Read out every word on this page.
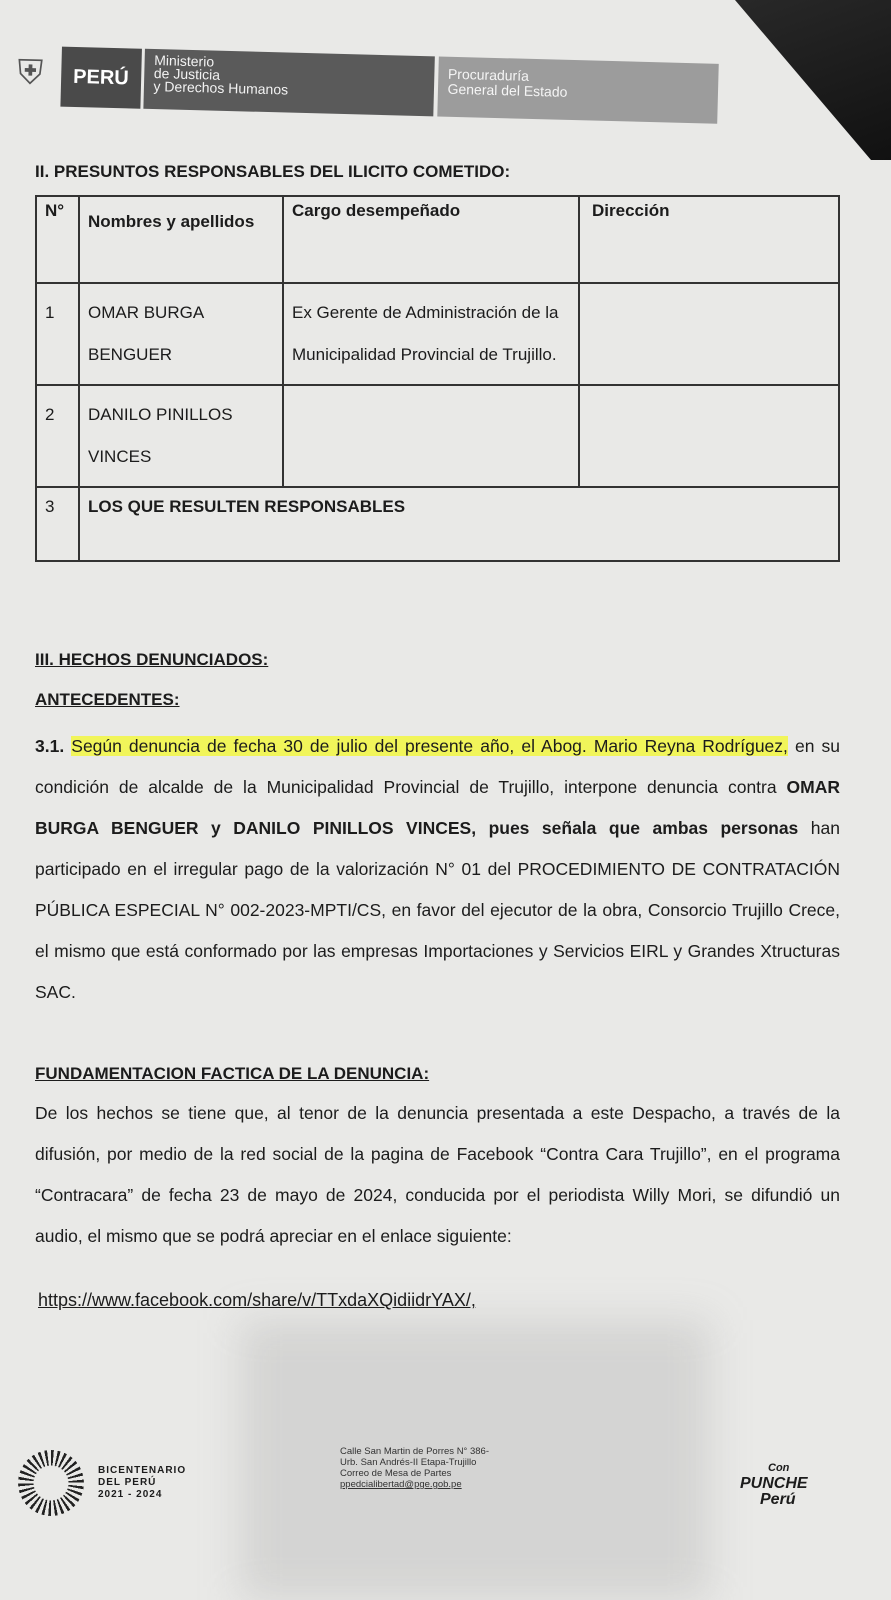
⛨	PERÚ
Ministerio
de Justicia
y Derechos Humanos
Procuraduría
General del Estado
II. PRESUNTOS RESPONSABLES DEL ILICITO COMETIDO:
N°	Nombres y apellidos	Cargo desempeñado	Dirección
1	OMAR BURGA BENGUER	Ex Gerente de Administración de la Municipalidad Provincial de Trujillo.	
2	DANILO PINILLOS VINCES		
3	LOS QUE RESULTEN RESPONSABLES		
III. HECHOS DENUNCIADOS:
ANTECEDENTES:
3.1. Según denuncia de fecha 30 de julio del presente año, el Abog. Mario Reyna Rodríguez, en su condición de alcalde de la Municipalidad Provincial de Trujillo, interpone denuncia contra OMAR BURGA BENGUER y DANILO PINILLOS VINCES, pues señala que ambas personas han participado en el irregular pago de la valorización N° 01 del PROCEDIMIENTO DE CONTRATACIÓN PÚBLICA ESPECIAL N° 002-2023-MPTI/CS, en favor del ejecutor de la obra, Consorcio Trujillo Crece, el mismo que está conformado por las empresas Importaciones y Servicios EIRL y Grandes Xtructuras SAC.
FUNDAMENTACION FACTICA DE LA DENUNCIA:
De los hechos se tiene que, al tenor de la denuncia presentada a este Despacho, a través de la difusión, por medio de la red social de la pagina de Facebook “Contra Cara Trujillo”, en el programa “Contracara” de fecha 23 de mayo de 2024, conducida por el periodista Willy Mori, se difundió un audio, el mismo que se podrá apreciar en el enlace siguiente:
https://www.facebook.com/share/v/TTxdaXQidiidrYAX/,
BICENTENARIO
DEL PERÚ
2021 - 2024
Calle San Martin de Porres N° 386-
Urb. San Andrés-II Etapa-Trujillo
Correo de Mesa de Partes
ppedcialibertad@pge.gob.pe
Con
PUNCHE
Perú
